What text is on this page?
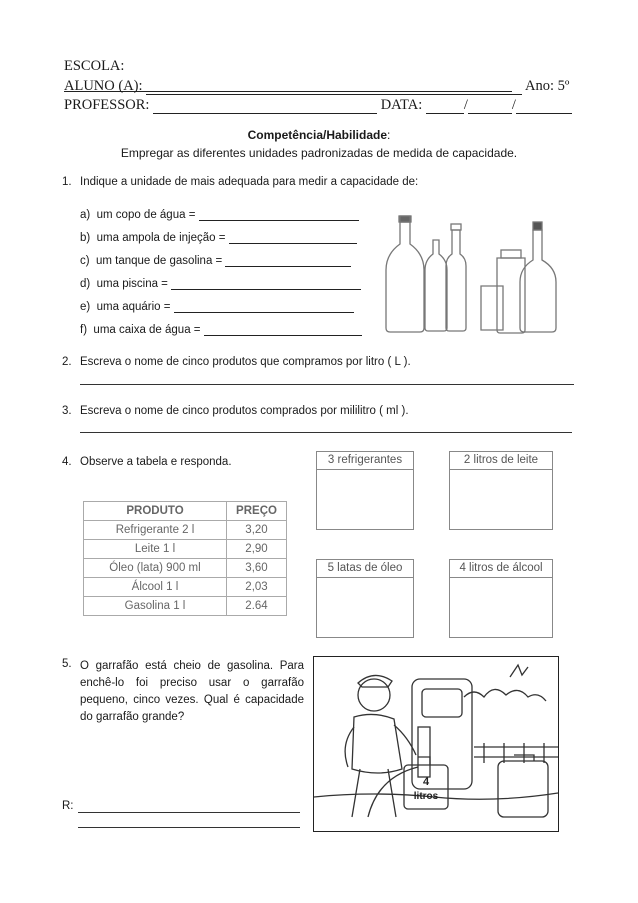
ESCOLA:
ALUNO (A):	Ano: 5º
PROFESSOR:	DATA:	/	/
Competência/Habilidade:
Empregar as diferentes unidades padronizadas de medida de capacidade.
1. Indique a unidade de mais adequada para medir a capacidade de:
a) um copo de água =
b) uma ampola de injeção =
c) um tanque de gasolina =
d) uma piscina =
e) uma aquário =
f) uma caixa de água =
2. Escreva o nome de cinco produtos que compramos por litro ( L ).
3. Escreva o nome de cinco produtos comprados por mililitro ( ml ).
4. Observe a tabela e responda.	3 refrigerantes	2 litros de leite
5 latas de óleo	4 litros de álcool
PRODUTO	PREÇO
Refrigerante 2 l	3,20
Leite 1 l	2,90
Óleo (lata) 900 ml	3,60
Álcool 1 l	2,03
Gasolina 1 l	2.64
5. O garrafão está cheio de gasolina. Para enchê-lo foi preciso usar o garrafão pequeno, cinco vezes. Qual é capacidade do garrafão grande?
R:
4
litros
